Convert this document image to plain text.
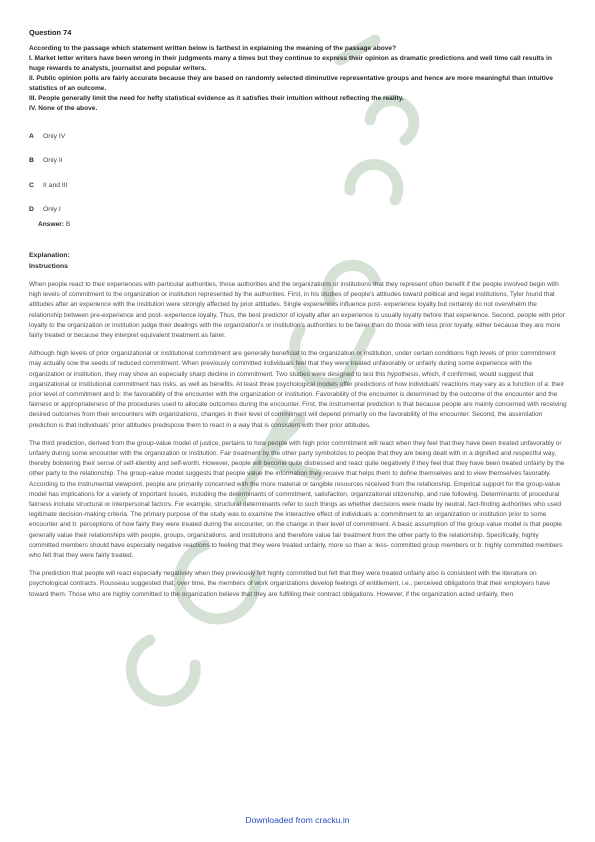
Question 74

According to the passage which statement written below is farthest in explaining the meaning of the passage above?

I. Market letter writers have been wrong in their judgments many a times but they continue to express their opinion as dramatic predictions and well time call results in huge rewards to analysts, journalist and popular writers.

II. Public opinion polls are fairly accurate because they are based on randomly selected diminutive representative groups and hence are more meaningful than intuitive statistics of an outcome.

III. People generally limit the need for hefty statistical evidence as it satisfies their intuition without reflecting the reality.

IV. None of the above.

A	Only IV
B	Only II
C	II and III
D	Only I
Answer: B
Explanation:
Instructions

When people react to their experiences with particular authorities, those authorities and the organizations or institutions that they represent often benefit if the people involved begin with high levels of commitment to the organization or institution represented by the authorities. First, in his studies of people's attitudes toward political and legal institutions, Tyler found that attitudes after an experience with the institution were strongly affected by prior attitudes. Single experiences influence post- experience loyalty but certainly do not overwhelm the relationship between pre-experience and post- experience loyalty. Thus, the best predictor of loyalty after an experience is usually loyalty before that experience. Second, people with prior loyalty to the organization or institution judge their dealings with the organization's or institution's authorities to be fairer than do those with less prior loyalty, either because they are more fairly treated or because they interpret equivalent treatment as fairer.

Although high levels of prior organizational or institutional commitment are generally beneficial to the organization or institution, under certain conditions high levels of prior commitment may actually sow the seeds of reduced commitment. When previously committed individuals feel that they were treated unfavorably or unfairly during some experience with the organization or institution, they may show an especially sharp decline in commitment. Two studies were designed to test this hypothesis, which, if confirmed, would suggest that organizational or institutional commitment has risks, as well as benefits. At least three psychological models offer predictions of how individuals' reactions may vary as a function of a: their prior level of commitment and b: the favorability of the encounter with the organization or institution. Favorability of the encounter is determined by the outcome of the encounter and the fairness or appropriateness of the procedures used to allocate outcomes during the encounter. First, the instrumental prediction is that because people are mainly concerned with receiving desired outcomes from their encounters with organizations, changes in their level of commitment will depend primarily on the favorability of the encounter. Second, the assimilation prediction is that individuals' prior attitudes predispose them to react in a way that is consistent with their prior attitudes.

The third prediction, derived from the group-value model of justice, pertains to how people with high prior commitment will react when they feel that they have been treated unfavorably or unfairly during some encounter with the organization or institution. Fair treatment by the other party symbolizes to people that they are being dealt with in a dignified and respectful way, thereby bolstering their sense of self-identity and self-worth. However, people will become quite distressed and react quite negatively if they feel that they have been treated unfairly by the other party to the relationship. The group-value model suggests that people value the information they receive that helps them to define themselves and to view themselves favorably. According to the instrumental viewpoint, people are primarily concerned with the more material or tangible resources received from the relationship. Empirical support for the group-value model has implications for a variety of important issues, including the determinants of commitment, satisfaction, organizational citizenship, and rule following. Determinants of procedural fairness include structural or interpersonal factors. For example, structural determinants refer to such things as whether decisions were made by neutral, fact-finding authorities who used legitimate decision-making criteria. The primary purpose of the study was to examine the interactive effect of individuals a: commitment to an organization or institution prior to some encounter and b: perceptions of how fairly they were treated during the encounter, on the change in their level of commitment. A basic assumption of the group-value model is that people generally value their relationships with people, groups, organizations, and institutions and therefore value fair treatment from the other party to the relationship. Specifically, highly committed members should have especially negative reactions to feeling that they were treated unfairly, more so than a: less- committed group members or b: highly committed members who felt that they were fairly treated.

The prediction that people will react especially negatively when they previously felt highly committed but felt that they were treated unfairly also is consistent with the literature on psychological contracts. Rousseau suggested that, over time, the members of work organizations develop feelings of entitlement, i.e., perceived obligations that their employers have toward them. Those who are highly committed to the organization believe that they are fulfilling their contract obligations. However, if the organization acted unfairly, then

Downloaded from cracku.in
